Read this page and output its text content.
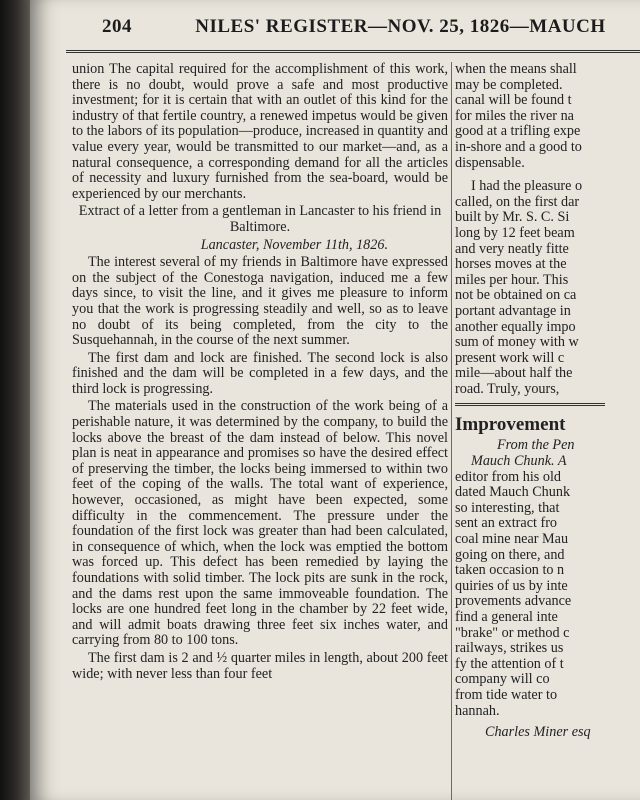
204	NILES' REGISTER—NOV. 25, 1826—MAUCH

union The capital required for the accomplishment of this work, there is no doubt, would prove a safe and most productive investment; for it is certain that with an outlet of this kind for the industry of that fertile country, a renewed impetus would be given to the labors of its population—produce, increased in quantity and value every year, would be transmitted to our market—and, as a natural consequence, a corresponding demand for all the articles of necessity and luxury furnished from the sea-board, would be experienced by our merchants.

Extract of a letter from a gentleman in Lancaster to his friend in Baltimore.

Lancaster, November 11th, 1826.

The interest several of my friends in Baltimore have expressed on the subject of the Conestoga navigation, induced me a few days since, to visit the line, and it gives me pleasure to inform you that the work is progressing steadily and well, so as to leave no doubt of its being completed, from the city to the Susquehannah, in the course of the next summer.

The first dam and lock are finished. The second lock is also finished and the dam will be completed in a few days, and the third lock is progressing.

The materials used in the construction of the work being of a perishable nature, it was determined by the company, to build the locks above the breast of the dam instead of below. This novel plan is neat in appearance and promises so have the desired effect of preserving the timber, the locks being immersed to within two feet of the coping of the walls. The total want of experience, however, occasioned, as might have been expected, some difficulty in the commencement. The pressure under the foundation of the first lock was greater than had been calculated, in consequence of which, when the lock was emptied the bottom was forced up. This defect has been remedied by laying the foundations with solid timber. The lock pits are sunk in the rock, and the dams rest upon the same immoveable foundation. The locks are one hundred feet long in the chamber by 22 feet wide, and will admit boats drawing three feet six inches water, and carrying from 80 to 100 tons.

The first dam is 2 and ½ quarter miles in length, about 200 feet wide; with never less than four feet

when the means shall
may be completed.
canal will be found t
for miles the river na
good at a trifling expe
in-shore and a good to
dispensable.
I had the pleasure o
called, on the first dar
built by Mr. S. C. Si
long by 12 feet beam
and very neatly fitte
horses moves at the
miles per hour. This
not be obtained on ca
portant advantage in
another equally impo
sum of money with w
present work will c
mile—about half the
road. Truly, yours,
Improvement
From the Pen
Mauch Chunk. A
editor from his old
dated Mauch Chunk
so interesting, that
sent an extract fro
coal mine near Mau
going on there, and
taken occasion to n
quiries of us by inte
provements advance
find a general inte
"brake" or method c
railways, strikes us
fy the attention of t
company will co
from tide water to
hannah.
Charles Miner esq
